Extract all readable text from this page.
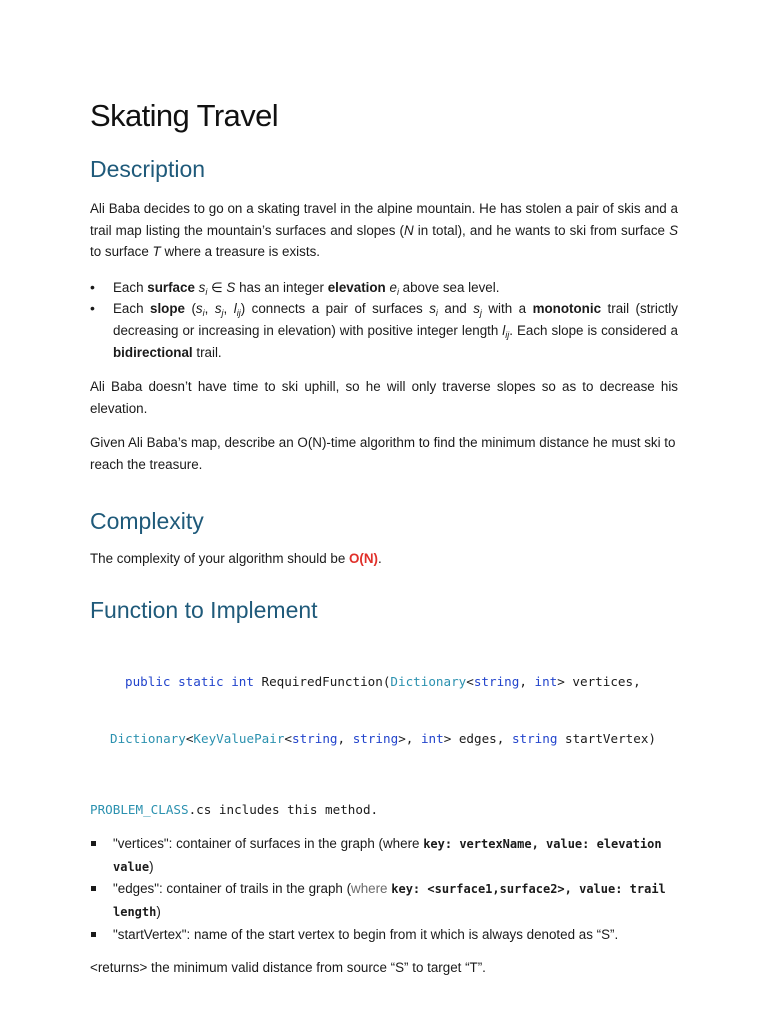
Skating Travel
Description

Ali Baba decides to go on a skating travel in the alpine mountain. He has stolen a pair of skis and a trail map listing the mountain’s surfaces and slopes (N in total), and he wants to ski from surface S to surface T where a treasure is exists.

• Each surface $s_i$ ∈ S has an integer elevation $e_i$ above sea level.
• Each slope ($s_i$, $s_j$, $l_{ij}$) connects a pair of surfaces $s_i$ and $s_j$ with a monotonic trail (strictly decreasing or increasing in elevation) with positive integer length $l_{ij}$. Each slope is considered a bidirectional trail.

Ali Baba doesn’t have time to ski uphill, so he will only traverse slopes so as to decrease his elevation.

Given Ali Baba’s map, describe an O(N)-time algorithm to find the minimum distance he must ski to reach the treasure.

Complexity

The complexity of your algorithm should be O(N).

Function to Implement

public static int RequiredFunction(Dictionary<string, int> vertices,

Dictionary<KeyValuePair<string, string>, int> edges, string startVertex)

PROBLEM_CLASS.cs includes this method.

"vertices": container of surfaces in the graph (where key: vertexName, value: elevation value)
"edges": container of trails in the graph (where key: <surface1,surface2>, value: trail length)
"startVertex": name of the start vertex to begin from it which is always denoted as “S”.

<returns> the minimum valid distance from source “S” to target “T”.
